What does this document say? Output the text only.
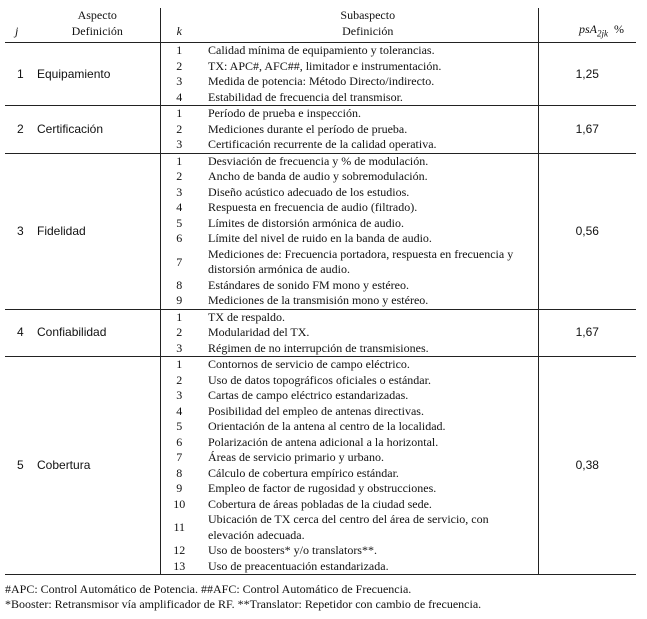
	Aspecto		Subaspecto	
j	Definición	k	Definición	psA$_{2jk}$ %
1	Equipamiento	1	Calidad mínima de equipamiento y tolerancias.	1,25
		2	TX: APC#, AFC##, limitador e instrumentación.	
		3	Medida de potencia: Método Directo/indirecto.	
		4	Estabilidad de frecuencia del transmisor.	
2	Certificación	1	Período de prueba e inspección.	1,67
		2	Mediciones durante el período de prueba.	
		3	Certificación recurrente de la calidad operativa.	
3	Fidelidad	1	Desviación de frecuencia y % de modulación.	0,56
		2	Ancho de banda de audio y sobremodulación.	
		3	Diseño acústico adecuado de los estudios.	
		4	Respuesta en frecuencia de audio (filtrado).	
		5	Límites de distorsión armónica de audio.	
		6	Límite del nivel de ruido en la banda de audio.	
		7	Mediciones de: Frecuencia portadora, respuesta en frecuencia y distorsión armónica de audio.	
		8	Estándares de sonido FM mono y estéreo.	
		9	Mediciones de la transmisión mono y estéreo.	
4	Confiabilidad	1	TX de respaldo.	1,67
		2	Modularidad del TX.	
		3	Régimen de no interrupción de transmisiones.	
5	Cobertura	1	Contornos de servicio de campo eléctrico.	0,38
		2	Uso de datos topográficos oficiales o estándar.	
		3	Cartas de campo eléctrico estandarizadas.	
		4	Posibilidad del empleo de antenas directivas.	
		5	Orientación de la antena al centro de la localidad.	
		6	Polarización de antena adicional a la horizontal.	
		7	Áreas de servicio primario y urbano.	
		8	Cálculo de cobertura empírico estándar.	
		9	Empleo de factor de rugosidad y obstrucciones.	
		10	Cobertura de áreas pobladas de la ciudad sede.	
		11	Ubicación de TX cerca del centro del área de servicio, con elevación adecuada.	
		12	Uso de boosters* y/o translators**.	
		13	Uso de preacentuación estandarizada.	
#APC: Control Automático de Potencia. ##AFC: Control Automático de Frecuencia.
*Booster: Retransmisor vía amplificador de RF. **Translator: Repetidor con cambio de frecuencia.
